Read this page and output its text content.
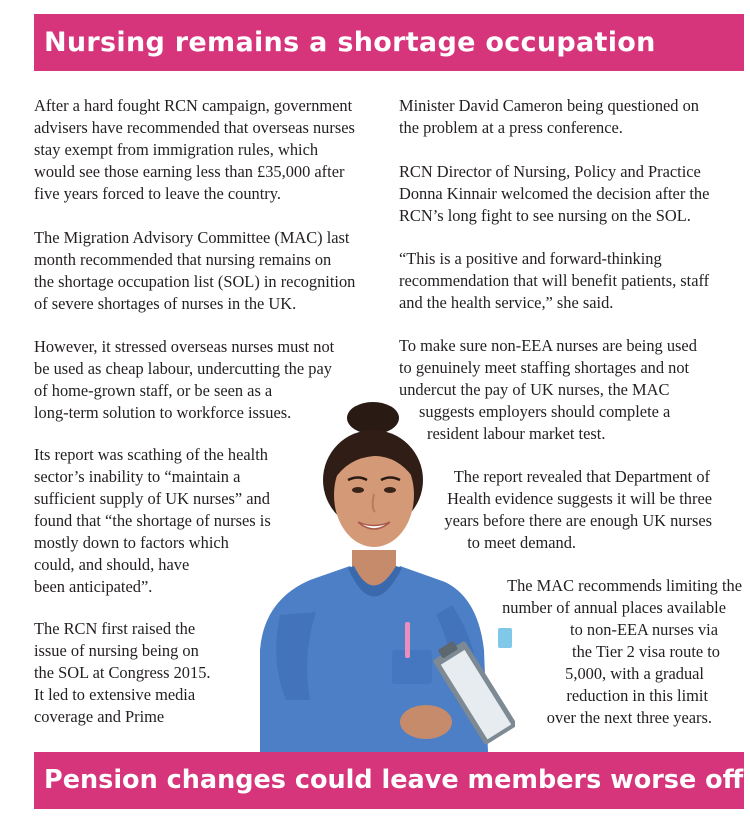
Nursing remains a shortage occupation
After a hard fought RCN campaign, government
advisers have recommended that overseas nurses
stay exempt from immigration rules, which
would see those earning less than £35,000 after
five years forced to leave the country.
The Migration Advisory Committee (MAC) last
month recommended that nursing remains on
the shortage occupation list (SOL) in recognition
of severe shortages of nurses in the UK.
However, it stressed overseas nurses must not
be used as cheap labour, undercutting the pay
of home-grown staff, or be seen as a
long-term solution to workforce issues.
Its report was scathing of the health
sector’s inability to “maintain a
sufficient supply of UK nurses” and
found that “the shortage of nurses is
mostly down to factors which
could, and should, have
been anticipated”.
The RCN first raised the
issue of nursing being on
the SOL at Congress 2015.
It led to extensive media
coverage and Prime
Minister David Cameron being questioned on
the problem at a press conference.
RCN Director of Nursing, Policy and Practice
Donna Kinnair welcomed the decision after the
RCN’s long fight to see nursing on the SOL.
“This is a positive and forward-thinking
recommendation that will benefit patients, staff
and the health service,” she said.
To make sure non-EEA nurses are being used
to genuinely meet staffing shortages and not
undercut the pay of UK nurses, the MAC
suggests employers should complete a
resident labour market test.
The report revealed that Department of
Health evidence suggests it will be three
years before there are enough UK nurses
to meet demand.
The MAC recommends limiting the
number of annual places available
to non-EEA nurses via
the Tier 2 visa route to
5,000, with a gradual
reduction in this limit
over the next three years.
Pension changes could leave members worse off
